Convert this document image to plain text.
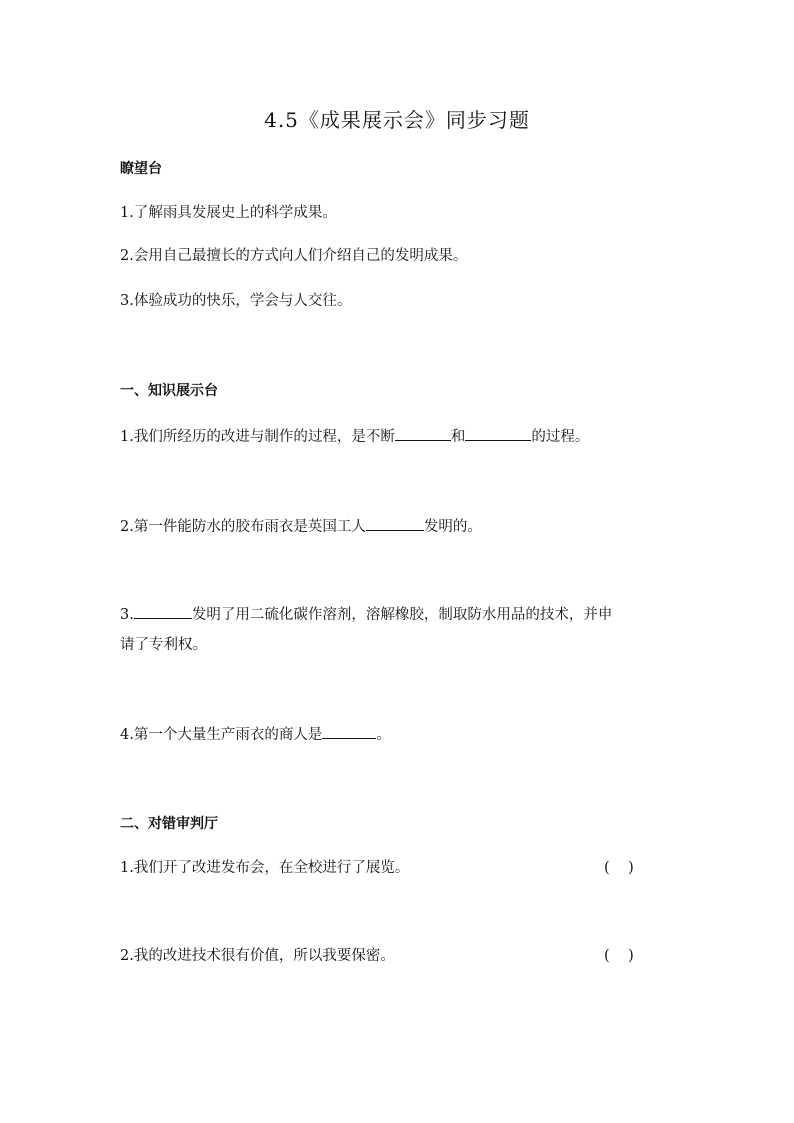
4.5《成果展示会》同步习题
瞭望台
1.了解雨具发展史上的科学成果。
2.会用自己最擅长的方式向人们介绍自己的发明成果。
3.体验成功的快乐，学会与人交往。
一、知识展示台
1.我们所经历的改进与制作的过程，是不断	和	的过程。
2.第一件能防水的胶布雨衣是英国工人	发明的。
3.	发明了用二硫化碳作溶剂，溶解橡胶，制取防水用品的技术，并申
请了专利权。
4.第一个大量生产雨衣的商人是	。
二、对错审判厅
1.我们开了改进发布会，在全校进行了展览。	(    )
2.我的改进技术很有价值，所以我要保密。	(    )
